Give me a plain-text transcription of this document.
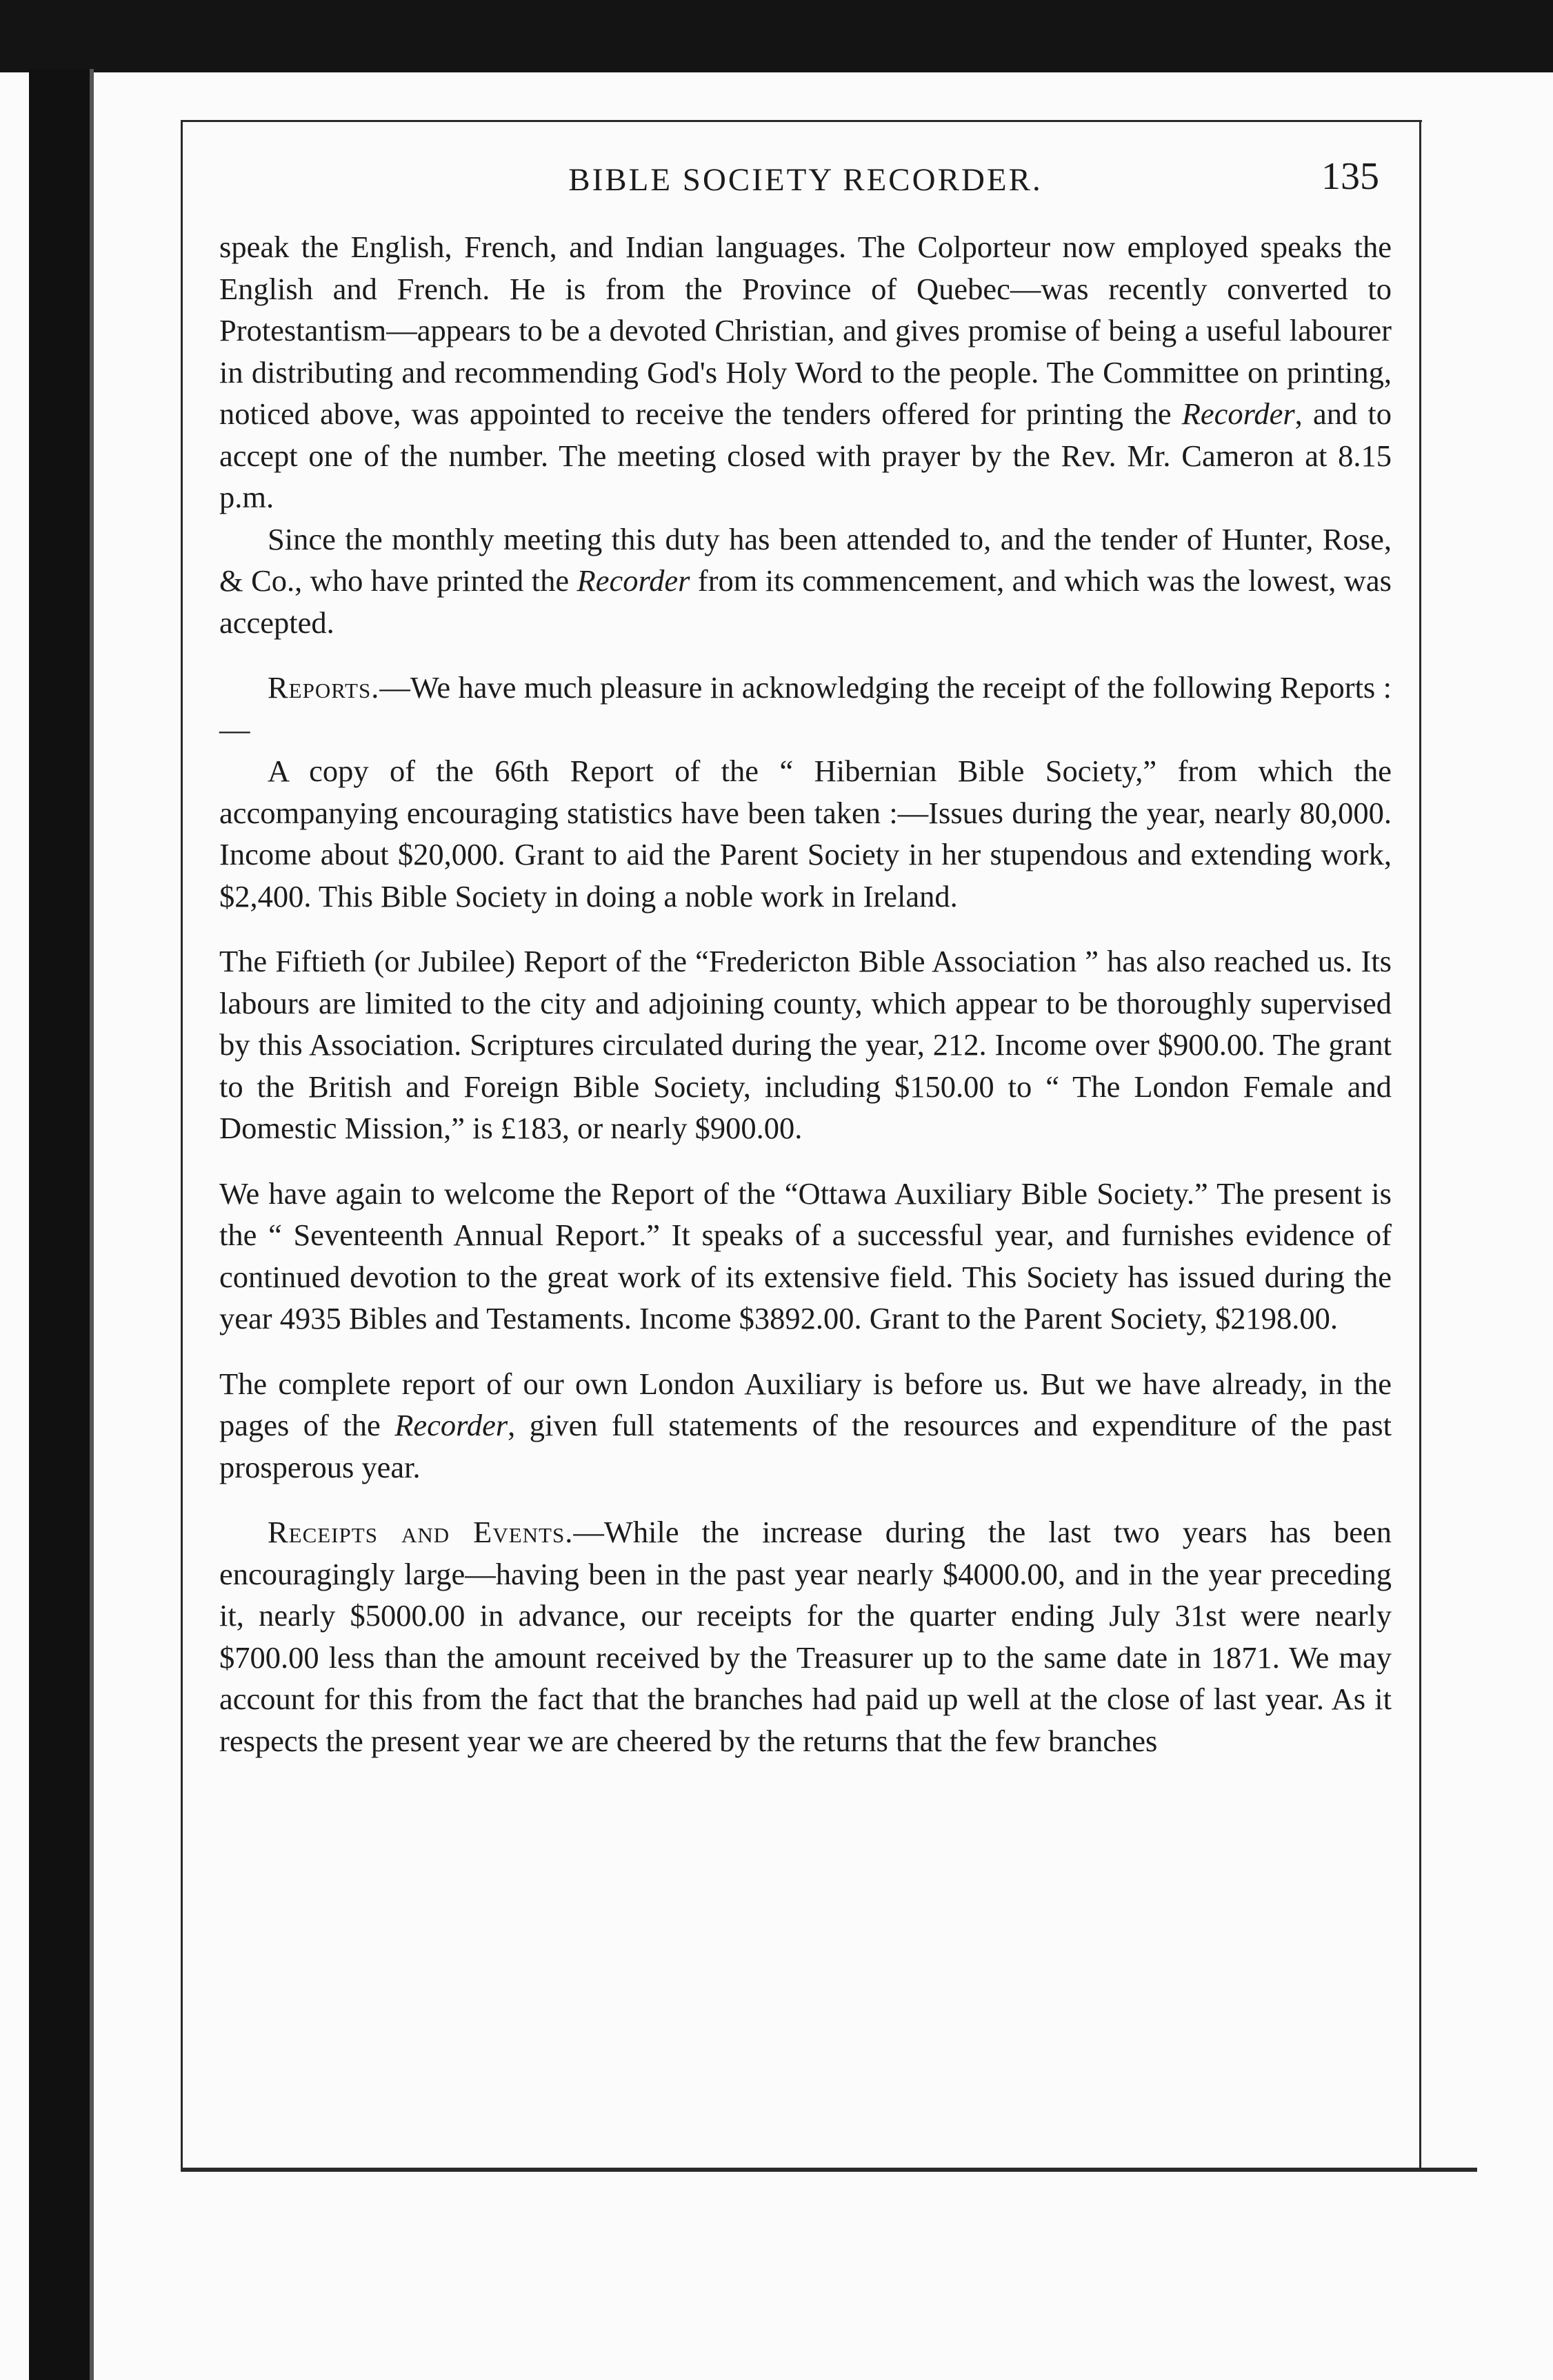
BIBLE SOCIETY RECORDER.	135

speak the English, French, and Indian languages. The Colporteur now employed speaks the English and French. He is from the Province of Quebec—was recently converted to Protestantism—appears to be a devoted Christian, and gives promise of being a useful labourer in distributing and recommending God's Holy Word to the people. The Committee on printing, noticed above, was appointed to receive the tenders offered for printing the Recorder, and to accept one of the number. The meeting closed with prayer by the Rev. Mr. Cameron at 8.15 p.m.

Since the monthly meeting this duty has been attended to, and the tender of Hunter, Rose, & Co., who have printed the Recorder from its commencement, and which was the lowest, was accepted.

Reports.—We have much pleasure in acknowledging the receipt of the following Reports :—

A copy of the 66th Report of the “ Hibernian Bible Society,” from which the accompanying encouraging statistics have been taken :—Issues during the year, nearly 80,000. Income about $20,000. Grant to aid the Parent Society in her stupendous and extending work, $2,400. This Bible Society in doing a noble work in Ireland.

The Fiftieth (or Jubilee) Report of the “Fredericton Bible Association ” has also reached us. Its labours are limited to the city and adjoining county, which appear to be thoroughly supervised by this Association. Scriptures circulated during the year, 212. Income over $900.00. The grant to the British and Foreign Bible Society, including $150.00 to “ The London Female and Domestic Mission,” is £183, or nearly $900.00.

We have again to welcome the Report of the “Ottawa Auxiliary Bible Society.” The present is the “ Seventeenth Annual Report.” It speaks of a successful year, and furnishes evidence of continued devotion to the great work of its extensive field. This Society has issued during the year 4935 Bibles and Testaments. Income $3892.00. Grant to the Parent Society, $2198.00.

The complete report of our own London Auxiliary is before us. But we have already, in the pages of the Recorder, given full statements of the resources and expenditure of the past prosperous year.

Receipts and Events.—While the increase during the last two years has been encouragingly large—having been in the past year nearly $4000.00, and in the year preceding it, nearly $5000.00 in advance, our receipts for the quarter ending July 31st were nearly $700.00 less than the amount received by the Treasurer up to the same date in 1871. We may account for this from the fact that the branches had paid up well at the close of last year. As it respects the present year we are cheered by the returns that the few branches
